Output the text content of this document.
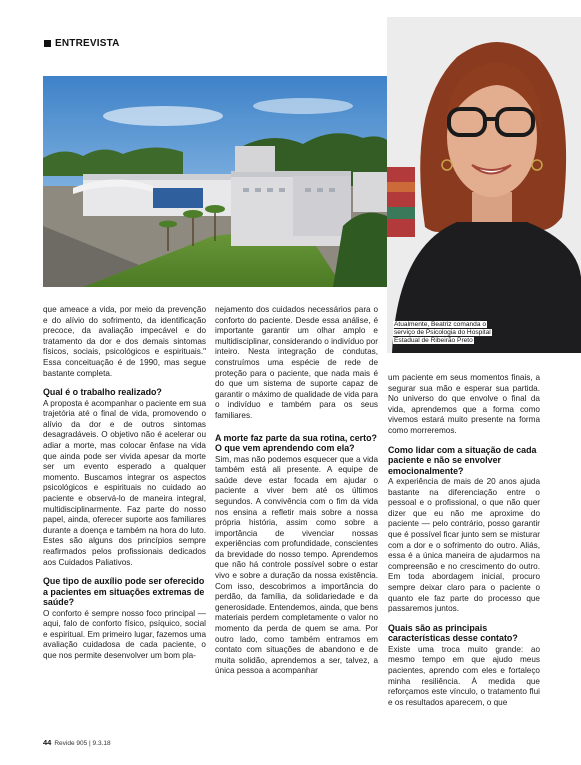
ENTREVISTA
Atualmente, Beatriz comanda o
serviço de Psicologia do Hospital
Estadual de Ribeirão Preto

que ameace a vida, por meio da prevenção e do alívio do sofrimento, da identificação precoce, da avaliação impecável e do tratamento da dor e dos demais sintomas físicos, sociais, psicológicos e espirituais." Essa conceituação é de 1990, mas segue bastante completa.

Qual é o trabalho realizado?

A proposta é acompanhar o paciente em sua trajetória até o final de vida, promovendo o alívio da dor e de outros sintomas desagradáveis. O objetivo não é acelerar ou adiar a morte, mas colocar ênfase na vida que ainda pode ser vivida apesar da morte ser um evento esperado a qualquer momento. Buscamos integrar os aspectos psicológicos e espirituais no cuidado ao paciente e observá-lo de maneira integral, multidisciplinarmente. Faz parte do nosso papel, ainda, oferecer suporte aos familiares durante a doença e também na hora do luto. Estes são alguns dos princípios sempre reafirmados pelos profissionais dedicados aos Cuidados Paliativos.

Que tipo de auxílio pode ser oferecido a pacientes em situações extremas de saúde?

O conforto é sempre nosso foco principal — aqui, falo de conforto físico, psíquico, social e espiritual. Em primeiro lugar, fazemos uma avaliação cuidadosa de cada paciente, o que nos permite desenvolver um bom pla-

nejamento dos cuidados necessários para o conforto do paciente. Desde essa análise, é importante garantir um olhar amplo e multidisciplinar, considerando o indivíduo por inteiro. Nesta integração de condutas, construímos uma espécie de rede de proteção para o paciente, que nada mais é do que um sistema de suporte capaz de garantir o máximo de qualidade de vida para o indivíduo e também para os seus familiares.

A morte faz parte da sua rotina, certo? O que vem aprendendo com ela?

Sim, mas não podemos esquecer que a vida também está ali presente. A equipe de saúde deve estar focada em ajudar o paciente a viver bem até os últimos segundos. A convivência com o fim da vida nos ensina a refletir mais sobre a nossa própria história, assim como sobre a importância de vivenciar nossas experiências com profundidade, conscientes da brevidade do nosso tempo. Aprendemos que não há controle possível sobre o estar vivo e sobre a duração da nossa existência. Com isso, descobrimos a importância do perdão, da família, da solidariedade e da generosidade. Entendemos, ainda, que bens materiais perdem completamente o valor no momento da perda de quem se ama. Por outro lado, como também entramos em contato com situações de abandono e de muita solidão, aprendemos a ser, talvez, a única pessoa a acompanhar

um paciente em seus momentos finais, a segurar sua mão e esperar sua partida. No universo do que envolve o final da vida, aprendemos que a forma como vivemos estará muito presente na forma como morreremos.

Como lidar com a situação de cada paciente e não se envolver emocionalmente?

A experiência de mais de 20 anos ajuda bastante na diferenciação entre o pessoal e o profissional, o que não quer dizer que eu não me aproxime do paciente — pelo contrário, posso garantir que é possível ficar junto sem se misturar com a dor e o sofrimento do outro. Aliás, essa é a única maneira de ajudarmos na compreensão e no crescimento do outro. Em toda abordagem inicial, procuro sempre deixar claro para o paciente o quanto ele faz parte do processo que passaremos juntos.

Quais são as principais características desse contato?

Existe uma troca muito grande: ao mesmo tempo em que ajudo meus pacientes, aprendo com eles e fortaleço minha resiliência. À medida que reforçamos este vínculo, o tratamento flui e os resultados aparecem, o que

44 Revide 905 | 9.3.18
